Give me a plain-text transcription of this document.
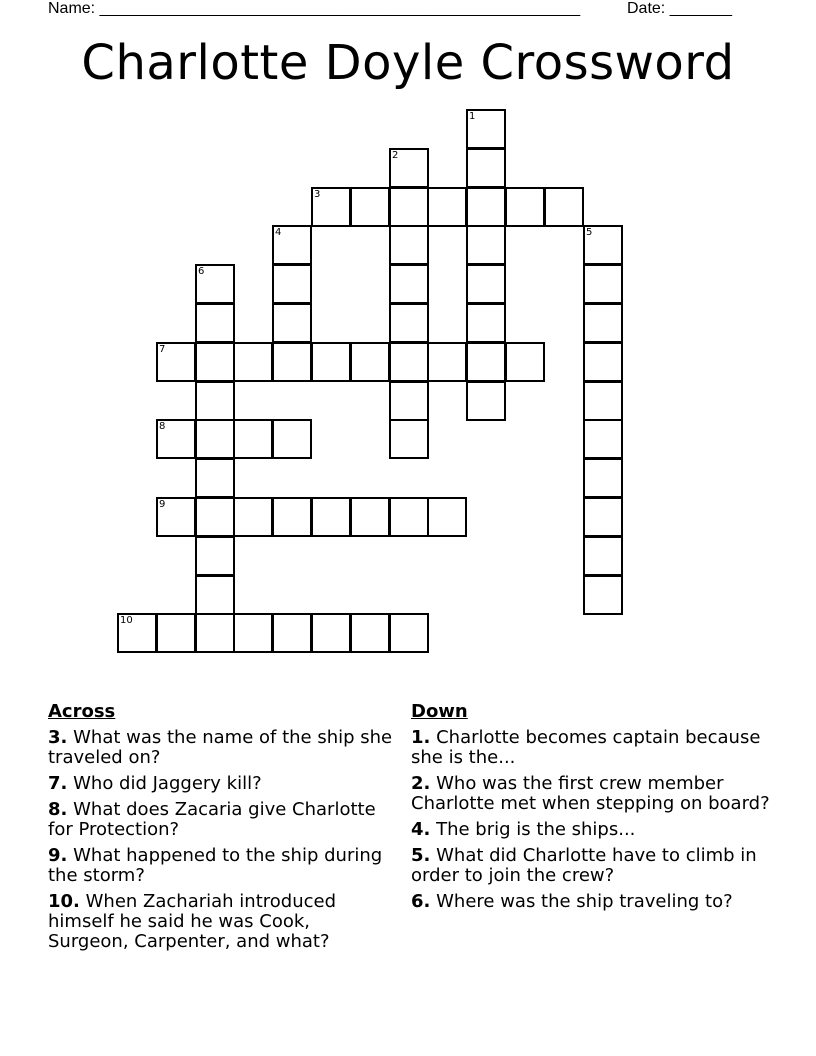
Name: ______________________________________________________	Date: _______
Charlotte Doyle Crossword
1
2
3
4	5
6
7
8
9
10
Across
3. What was the name of the ship she traveled on?
7. Who did Jaggery kill?
8. What does Zacaria give Charlotte for Protection?
9. What happened to the ship during the storm?
10. When Zachariah introduced himself he said he was Cook, Surgeon, Carpenter, and what?
Down
1. Charlotte becomes captain because she is the...
2. Who was the first crew member Charlotte met when stepping on board?
4. The brig is the ships...
5. What did Charlotte have to climb in order to join the crew?
6. Where was the ship traveling to?
